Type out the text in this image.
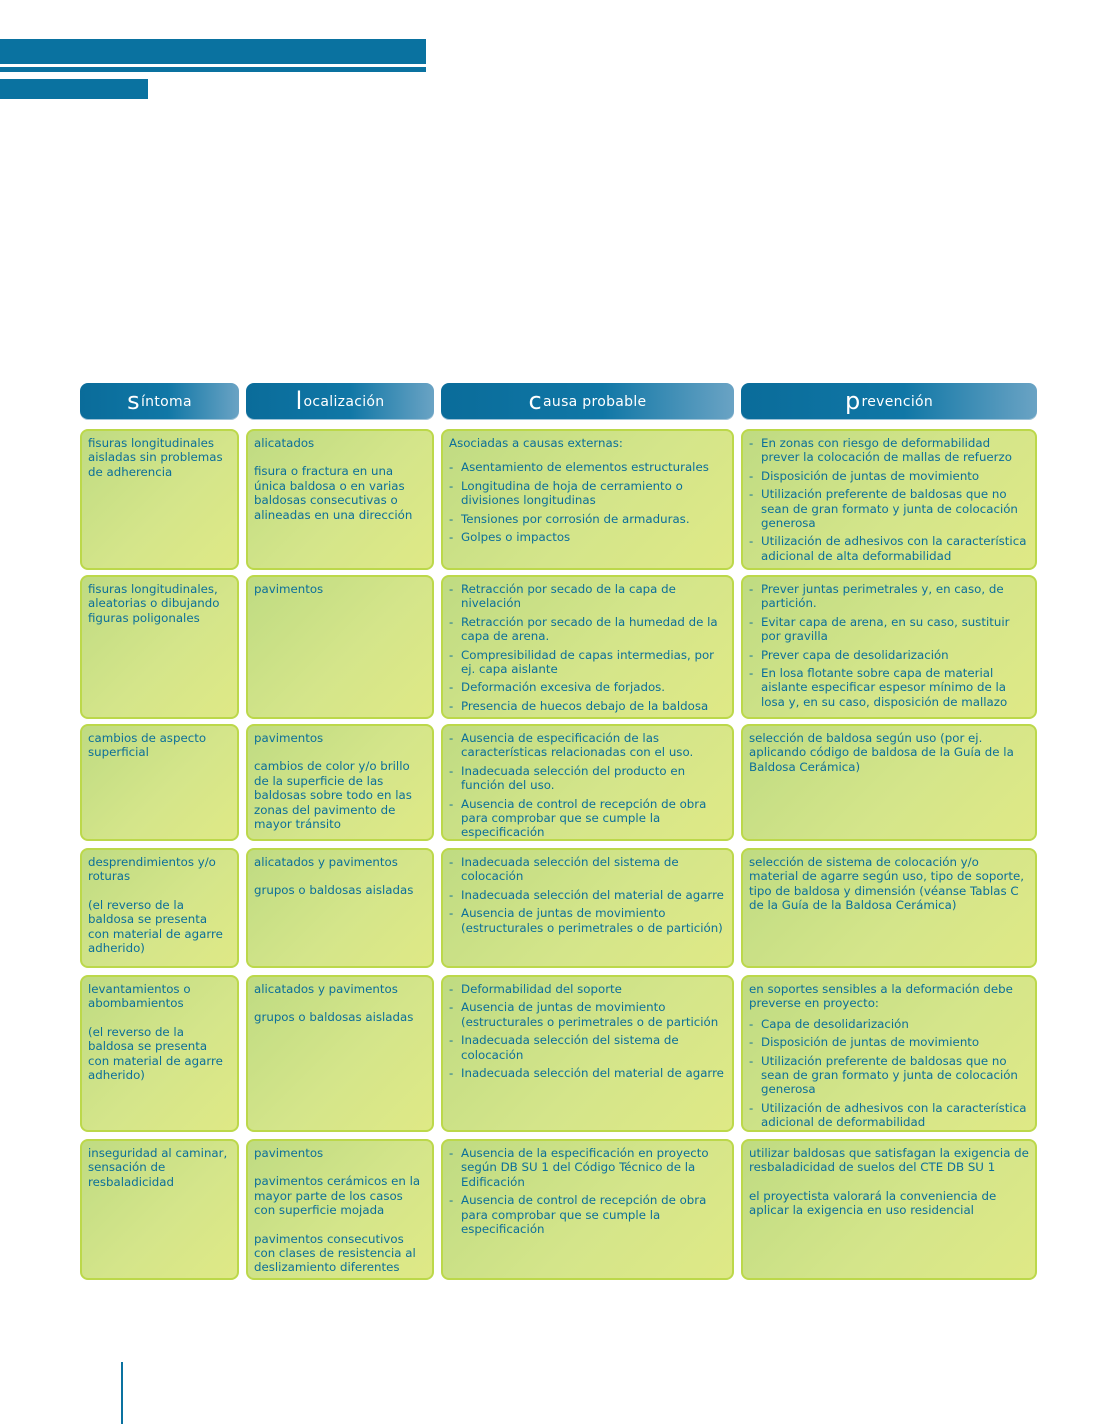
síntoma	localización	causa probable	prevención

fisuras longitudinales aisladas sin problemas de adherencia

alicatados

fisura o fractura en una única baldosa o en varias baldosas consecutivas o alineadas en una dirección

Asociadas a causas externas:

- Asentamiento de elementos estructurales
- Longitudina de hoja de cerramiento o divisiones longitudinas
- Tensiones por corrosión de armaduras.
- Golpes o impactos
- En zonas con riesgo de deformabilidad prever la colocación de mallas de refuerzo
- Disposición de juntas de movimiento
- Utilización preferente de baldosas que no sean de gran formato y junta de colocación generosa
- Utilización de adhesivos con la característica adicional de alta deformabilidad

fisuras longitudinales, aleatorias o dibujando figuras poligonales

pavimentos

-	Retracción por secado de la capa de nivelación
- Retracción por secado de la humedad de la capa de arena.
- Compresibilidad de capas intermedias, por ej. capa aislante
- Deformación excesiva de forjados.
- Presencia de huecos debajo de la baldosa
- Prever juntas perimetrales y, en caso, de partición.
- Evitar capa de arena, en su caso, sustituir por gravilla
- Prever capa de desolidarización
- En losa flotante sobre capa de material aislante especificar espesor mínimo de la losa y, en su caso, disposición de mallazo

cambios de aspecto superficial

pavimentos

cambios de color y/o brillo de la superficie de las baldosas sobre todo en las zonas del pavimento de mayor tránsito

- Ausencia de especificación de las características relacionadas con el uso.
- Inadecuada selección del producto en función del uso.
- Ausencia de control de recepción de obra para comprobar que se cumple la especificación

selección de baldosa según uso (por ej. aplicando código de baldosa de la Guía de la Baldosa Cerámica)

desprendimientos y/o roturas

(el reverso de la baldosa se presenta con material de agarre adherido)

alicatados y pavimentos

grupos o baldosas aisladas

- Inadecuada selección del sistema de colocación
- Inadecuada selección del material de agarre
- Ausencia de juntas de movimiento (estructurales o perimetrales o de partición)

selección de sistema de colocación y/o material de agarre según uso, tipo de soporte, tipo de baldosa y dimensión (véanse Tablas C de la Guía de la Baldosa Cerámica)

levantamientos o abombamientos

(el reverso de la baldosa se presenta con material de agarre adherido)

alicatados y pavimentos

grupos o baldosas aisladas

- Deformabilidad del soporte
- Ausencia de juntas de movimiento (estructurales o perimetrales o de partición
- Inadecuada selección del sistema de colocación
- Inadecuada selección del material de agarre

en soportes sensibles a la deformación debe preverse en proyecto:

- Capa de desolidarización
- Disposición de juntas de movimiento
- Utilización preferente de baldosas que no sean de gran formato y junta de colocación generosa
- Utilización de adhesivos con la característica adicional de deformabilidad

inseguridad al caminar, sensación de resbaladicidad

pavimentos

pavimentos cerámicos en la mayor parte de los casos con superficie mojada

pavimentos consecutivos con clases de resistencia al deslizamiento diferentes

- Ausencia de la especificación en proyecto según DB SU 1 del Código Técnico de la Edificación
- Ausencia de control de recepción de obra para comprobar que se cumple la especificación

utilizar baldosas que satisfagan la exigencia de resbaladicidad de suelos del CTE DB SU 1

el proyectista valorará la conveniencia de aplicar la exigencia en uso residencial
